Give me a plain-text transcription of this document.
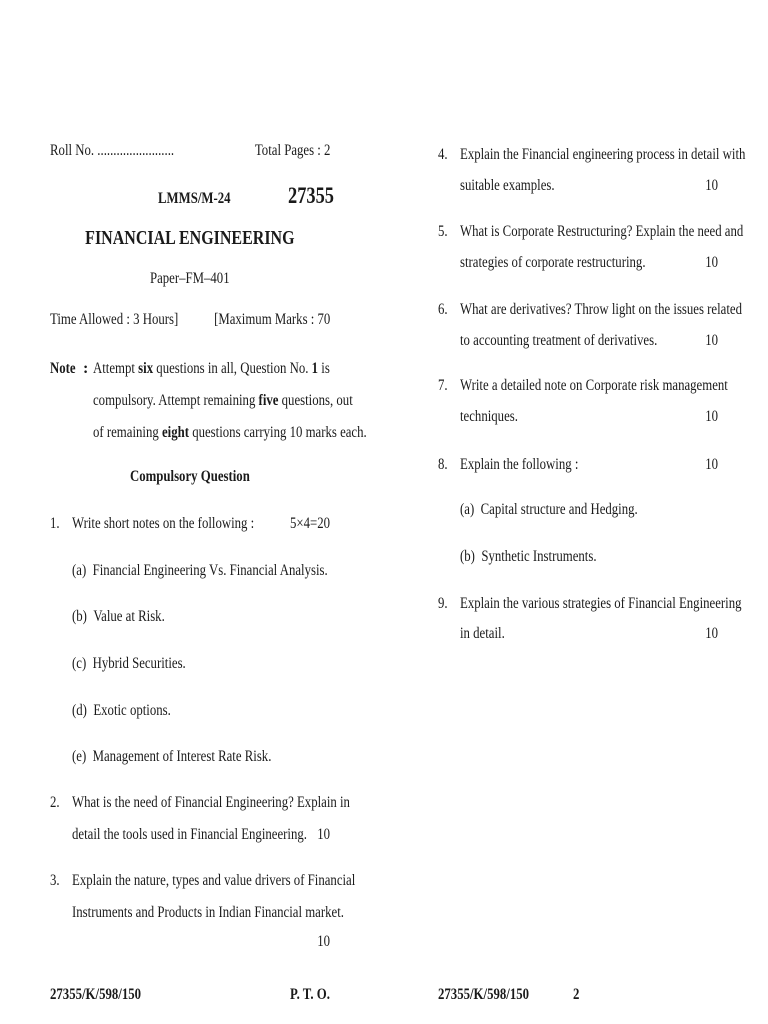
Roll No. ........................	Total Pages : 2
LMMS/M-24	27355
FINANCIAL ENGINEERING
Paper–FM–401
Time Allowed : 3 Hours]	[Maximum Marks : 70
Note : Attempt six questions in all, Question No. 1 is
compulsory. Attempt remaining five questions, out
of remaining eight questions carrying 10 marks each.
Compulsory Question
1. Write short notes on the following :	5×4=20
(a) Financial Engineering Vs. Financial Analysis.
(b) Value at Risk.
(c) Hybrid Securities.
(d) Exotic options.
(e) Management of Interest Rate Risk.
2. What is the need of Financial Engineering? Explain in
detail the tools used in Financial Engineering. 10
3. Explain the nature, types and value drivers of Financial
Instruments and Products in Indian Financial market.
10
4. Explain the Financial engineering process in detail with
suitable examples.	10
5. What is Corporate Restructuring? Explain the need and
strategies of corporate restructuring.	10
6. What are derivatives? Throw light on the issues related
to accounting treatment of derivatives.	10
7. Write a detailed note on Corporate risk management
techniques.	10
8. Explain the following :	10
(a) Capital structure and Hedging.
(b) Synthetic Instruments.
9. Explain the various strategies of Financial Engineering
in detail.	10
27355/K/598/150	P. T. O.	27355/K/598/150	2
